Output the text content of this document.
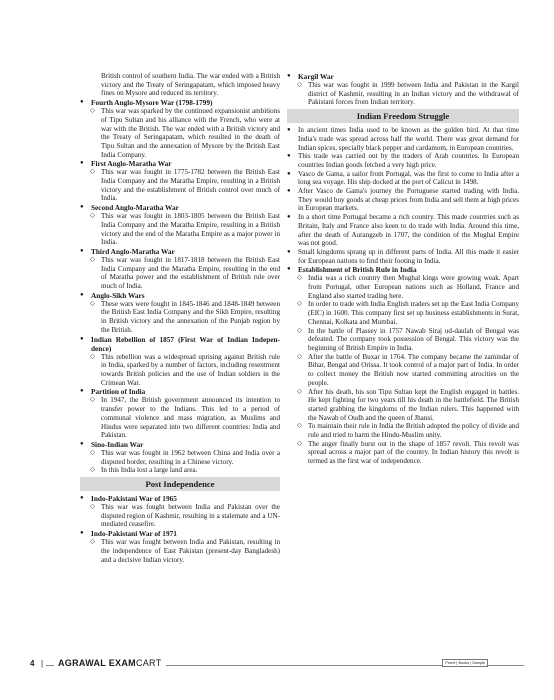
British control of southern India. The war ended with a British victory and the Treaty of Seringapatam, which imposed heavy fines on Mysore and reduced its territory.

● Fourth Anglo-Mysore War (1798-1799)
◇ This war was sparked by the continued expansionist ambitions of Tipu Sultan and his alliance with the French, who were at war with the British. The war ended with a British victory and the Treaty of Seringapatam, which resulted in the death of Tipu Sultan and the annexation of Mysore by the British East India Company.
● First Anglo-Maratha War
◇ This war was fought in 1775-1782 between the British East India Company and the Maratha Empire, resulting in a British victory and the establishment of British control over much of India.
● Second Anglo-Maratha War
◇ This war was fought in 1803-1805 between the British East India Company and the Maratha Empire, resulting in a British victory and the end of the Maratha Empire as a major power in India.
● Third Anglo-Maratha War
◇ This war was fought in 1817-1818 between the British East India Company and the Maratha Empire, resulting in the end of Maratha power and the establishment of British rule over much of India.
● Anglo-Sikh Wars
◇ These wars were fought in 1845-1846 and 1848-1849 between the British East India Company and the Sikh Empire, resulting in British victory and the annexation of the Punjab region by the British.
● Indian Rebellion of 1857 (First War of Indian Indepen-dence)
◇ This rebellion was a widespread uprising against British rule in India, sparked by a number of factors, including resentment towards British policies and the use of Indian soldiers in the Crimean War.
● Partition of India
◇ In 1947, the British government announced its intention to transfer power to the Indians. This led to a period of communal violence and mass migration, as Muslims and Hindus were separated into two different countries: India and Pakistan.
● Sino-Indian War
◇ This war was fought in 1962 between China and India over a disputed border, resulting in a Chinese victory.
◇ In this India lost a large land area.
Post Independence
● Indo-Pakistani War of 1965
◇ This war was fought between India and Pakistan over the disputed region of Kashmir, resulting in a stalemate and a UN-mediated ceasefire.
● Indo-Pakistani War of 1971
◇ This war was fought between India and Pakistan, resulting in the independence of East Pakistan (present-day Bangladesh) and a decisive Indian victory.
● Kargil War
◇ This war was fought in 1999 between India and Pakistan in the Kargil district of Kashmir, resulting in an Indian victory and the withdrawal of Pakistani forces from Indian territory.
Indian Freedom Struggle
● In ancient times India used to be known as the golden bird. At that time India's trade was spread across half the world. There was great demand for Indian spices, specially black pepper and cardamom, in European countries.
● This trade was carried out by the traders of Arab countries. In European countries Indian goods fetched a very high price.
● Vasco de Gama, a sailor from Portugal, was the first to come to India after a long sea voyage. His ship docked at the port of Calicut in 1498.
● After Vasco de Gama's journey the Portuguese started trading with India. They would buy goods at cheap prices from India and sell them at high prices in European markets.
● In a short time Portugal became a rich country. This made countries such as Britain, Italy and France also keen to do trade with India. Around this time, after the death of Aurangzeb in 1707, the condition of the Mughal Empire was not good.
● Small kingdoms sprang up in different parts of India. All this made it easier for European nations to find their footing in India.
● Establishment of British Rule in India
◇ India was a rich country then Mughal kings were growing weak. Apart from Portugal, other European nations such as Holland, France and England also started trading here.
◇ In order to trade with India English traders set up the East India Company (EIC) in 1600. This company first set up business establishments in Surat, Chennai, Kolkata and Mumbai.
◇ In the battle of Plassey in 1757 Nawab Siraj ud-daulah of Bengal was defeated. The company took possession of Bengal. This victory was the beginning of British Empire in India.
◇ After the battle of Buxar in 1764. The company became the zamindar of Bihar, Bengal and Orissa. It took control of a major part of India. In order to collect money the British now started committing atrocities on the people.
◇ After his death, his son Tipu Sultan kept the English engaged in battles. He kept fighting for two years till his death in the battlefield. The British started grabbing the kingdoms of the Indian rulers. This happened with the Nawab of Oudh and the queen of Jhansi.
◇ To maintain their rule in India the British adopted the policy of divide and rule and tried to harm the Hindu-Muslim unity.
◇ The anger finally burst out in the shape of 1857 revolt. This revolt was spread across a major part of the country. In Indian history this revolt is termed as the first war of independence.
4 |	AGRAWAL EXAMCART	Prmnt | Books | Sample
